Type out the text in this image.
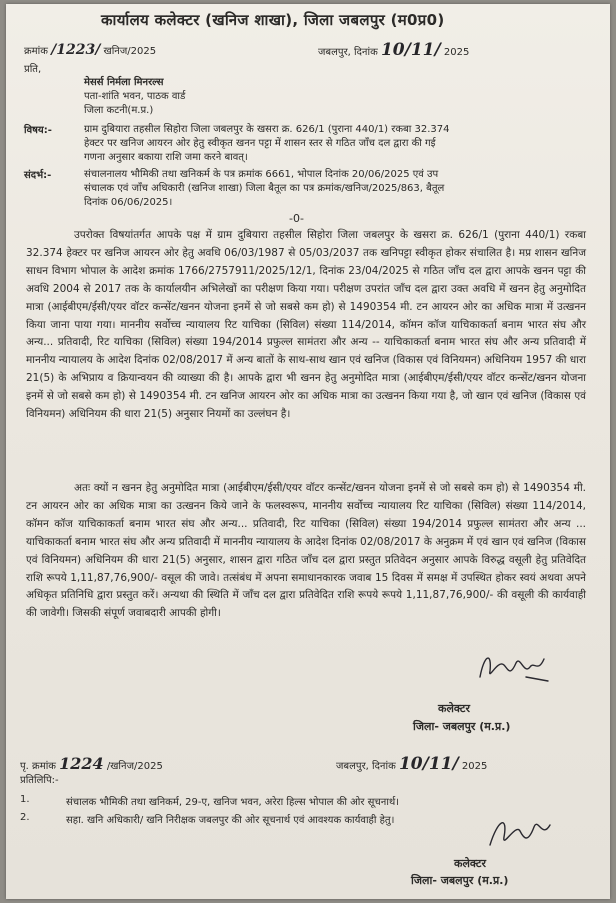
कार्यालय कलेक्टर (खनिज शाखा), जिला जबलपुर (म0प्र0)
क्रमांक /1223/ खनिज/2025	जबलपुर, दिनांक 10/11/ 2025
प्रति,
मेसर्स निर्मला मिनरल्स
पता-शांति भवन, पाठक वार्ड
जिला कटनी(म.प्र.)
विषय:-	ग्राम दुबियारा तहसील सिहोरा जिला जबलपुर के खसरा क्र. 626/1 (पुराना 440/1) रकबा 32.374
हेक्टर पर खनिज आयरन ओर हेतु स्वीकृत खनन पट्टा में शासन स्तर से गठित जाँच दल द्वारा की गई
गणना अनुसार बकाया राशि जमा करने बावत्।
संदर्भ:-	संचालनालय भौमिकी तथा खनिकर्म के पत्र क्रमांक 6661, भोपाल दिनांक 20/06/2025 एवं उप
संचालक एवं जाँच अधिकारी (खनिज शाखा) जिला बैतूल का पत्र क्रमांक/खनिज/2025/863, बैतूल
दिनांक 06/06/2025।
-0-
उपरोक्त विषयांतर्गत आपके पक्ष में ग्राम दुबियारा तहसील सिहोरा जिला जबलपुर के खसरा क्र. 626/1 (पुराना 440/1) रकबा 32.374 हेक्टर पर खनिज आयरन ओर हेतु अवधि 06/03/1987 से 05/03/2037 तक खनिपट्टा स्वीकृत होकर संचालित है। मप्र शासन खनिज साधन विभाग भोपाल के आदेश क्रमांक 1766/2757911/2025/12/1, दिनांक 23/04/2025 से गठित जाँच दल द्वारा आपके खनन पट्टा की अवधि 2004 से 2017 तक के कार्यालयीन अभिलेखों का परीक्षण किया गया। परीक्षण उपरांत जाँच दल द्वारा उक्त अवधि में खनन हेतु अनुमोदित मात्रा (आईबीएम/ईसी/एयर वॉटर कन्सेंट/खनन योजना इनमें से जो सबसे कम हो) से 1490354 मी. टन आयरन ओर का अधिक मात्रा में उत्खनन किया जाना पाया गया। माननीय सर्वोच्च न्यायालय रिट याचिका (सिविल) संख्या 114/2014, कॉमन कॉज याचिकाकर्ता बनाम भारत संघ और अन्य... प्रतिवादी, रिट याचिका (सिविल) संख्या 194/2014 प्रफुल्ल सामंतरा और अन्य -- याचिकाकर्ता बनाम भारत संघ और अन्य प्रतिवादी में माननीय न्यायालय के आदेश दिनांक 02/08/2017 में अन्य बातों के साथ-साथ खान एवं खनिज (विकास एवं विनियमन) अधिनियम 1957 की धारा 21(5) के अभिप्राय व क्रियान्वयन की व्याख्या की है। आपके द्वारा भी खनन हेतु अनुमोदित मात्रा (आईबीएम/ईसी/एयर वॉटर कन्सेंट/खनन योजना इनमें से जो सबसे कम हो) से 1490354 मी. टन खनिज आयरन ओर का अधिक मात्रा का उत्खनन किया गया है, जो खान एवं खनिज (विकास एवं विनियमन) अधिनियम की धारा 21(5) अनुसार नियमों का उल्लंघन है।
अतः क्यों न खनन हेतु अनुमोदित मात्रा (आईबीएम/ईसी/एयर वॉटर कन्सेंट/खनन योजना इनमें से जो सबसे कम हो) से 1490354 मी. टन आयरन ओर का अधिक मात्रा का उत्खनन किये जाने के फलस्वरूप, माननीय सर्वोच्च न्यायालय रिट याचिका (सिविल) संख्या 114/2014, कॉमन कॉज याचिकाकर्ता बनाम भारत संघ और अन्य... प्रतिवादी, रिट याचिका (सिविल) संख्या 194/2014 प्रफुल्ल सामंतरा और अन्य ... याचिकाकर्ता बनाम भारत संघ और अन्य प्रतिवादी में माननीय न्यायालय के आदेश दिनांक 02/08/2017 के अनुक्रम में एवं खान एवं खनिज (विकास एवं विनियमन) अधिनियम की धारा 21(5) अनुसार, शासन द्वारा गठित जाँच दल द्वारा प्रस्तुत प्रतिवेदन अनुसार आपके विरुद्ध वसूली हेतु प्रतिवेदित राशि रूपये 1,11,87,76,900/- वसूल की जावे। तत्संबंध में अपना समाधानकारक जवाब 15 दिवस में समक्ष में उपस्थित होकर स्वयं अथवा अपने अधिकृत प्रतिनिधि द्वारा प्रस्तुत करें। अन्यथा की स्थिति में जाँच दल द्वारा प्रतिवेदित राशि रूपये रूपये 1,11,87,76,900/- की वसूली की कार्यवाही की जावेगी। जिसकी संपूर्ण जवाबदारी आपकी होगी।
कलेक्टर
जिला- जबलपुर (म.प्र.)
पृ. क्रमांक 1224 /खनिज/2025	जबलपुर, दिनांक 10/11/ 2025
प्रतिलिपि:-
1.	संचालक भौमिकी तथा खनिकर्म, 29-ए, खनिज भवन, अरेरा हिल्स भोपाल की ओर सूचनार्थ।
2.	सहा. खनि अधिकारी/ खनि निरीक्षक जबलपुर की ओर सूचनार्थ एवं आवश्यक कार्यवाही हेतु।
कलेक्टर
जिला- जबलपुर (म.प्र.)
